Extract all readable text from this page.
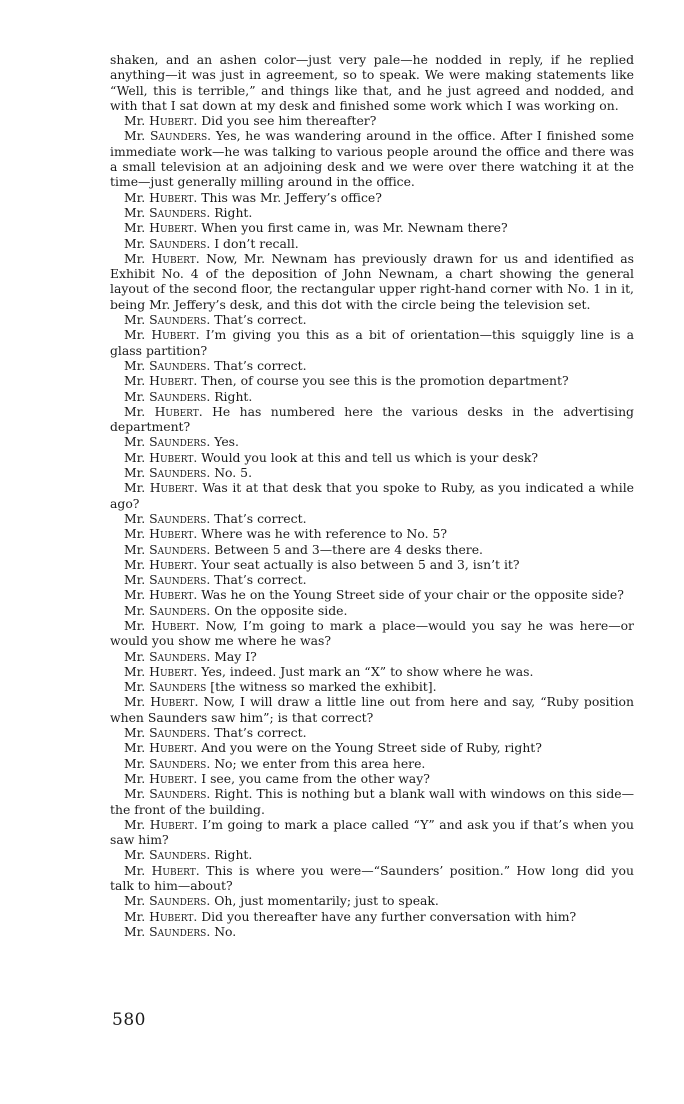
shaken, and an ashen color—just very pale—he nodded in reply, if he replied anything—it was just in agreement, so to speak. We were making statements like “Well, this is terrible,” and things like that, and he just agreed and nodded, and with that I sat down at my desk and finished some work which I was working on.

Mr. Hubert. Did you see him thereafter?

Mr. Saunders. Yes, he was wandering around in the office. After I finished some immediate work—he was talking to various people around the office and there was a small television at an adjoining desk and we were over there watching it at the time—just generally milling around in the office.

Mr. Hubert. This was Mr. Jeffery’s office?

Mr. Saunders. Right.

Mr. Hubert. When you first came in, was Mr. Newnam there?

Mr. Saunders. I don’t recall.

Mr. Hubert. Now, Mr. Newnam has previously drawn for us and identified as Exhibit No. 4 of the deposition of John Newnam, a chart showing the general layout of the second floor, the rectangular upper right-hand corner with No. 1 in it, being Mr. Jeffery’s desk, and this dot with the circle being the television set.

Mr. Saunders. That’s correct.

Mr. Hubert. I’m giving you this as a bit of orientation—this squiggly line is a glass partition?

Mr. Saunders. That’s correct.

Mr. Hubert. Then, of course you see this is the promotion department?

Mr. Saunders. Right.

Mr. Hubert. He has numbered here the various desks in the advertising department?

Mr. Saunders. Yes.

Mr. Hubert. Would you look at this and tell us which is your desk?

Mr. Saunders. No. 5.

Mr. Hubert. Was it at that desk that you spoke to Ruby, as you indicated a while ago?

Mr. Saunders. That’s correct.

Mr. Hubert. Where was he with reference to No. 5?

Mr. Saunders. Between 5 and 3—there are 4 desks there.

Mr. Hubert. Your seat actually is also between 5 and 3, isn’t it?

Mr. Saunders. That’s correct.

Mr. Hubert. Was he on the Young Street side of your chair or the opposite side?

Mr. Saunders. On the opposite side.

Mr. Hubert. Now, I’m going to mark a place—would you say he was here—or would you show me where he was?

Mr. Saunders. May I?

Mr. Hubert. Yes, indeed. Just mark an “X” to show where he was.

Mr. Saunders [the witness so marked the exhibit].

Mr. Hubert. Now, I will draw a little line out from here and say, “Ruby position when Saunders saw him”; is that correct?

Mr. Saunders. That’s correct.

Mr. Hubert. And you were on the Young Street side of Ruby, right?

Mr. Saunders. No; we enter from this area here.

Mr. Hubert. I see, you came from the other way?

Mr. Saunders. Right. This is nothing but a blank wall with windows on this side—the front of the building.

Mr. Hubert. I’m going to mark a place called “Y” and ask you if that’s when you saw him?

Mr. Saunders. Right.

Mr. Hubert. This is where you were—“Saunders’ position.” How long did you talk to him—about?

Mr. Saunders. Oh, just momentarily; just to speak.

Mr. Hubert. Did you thereafter have any further conversation with him?

Mr. Saunders. No.

580
